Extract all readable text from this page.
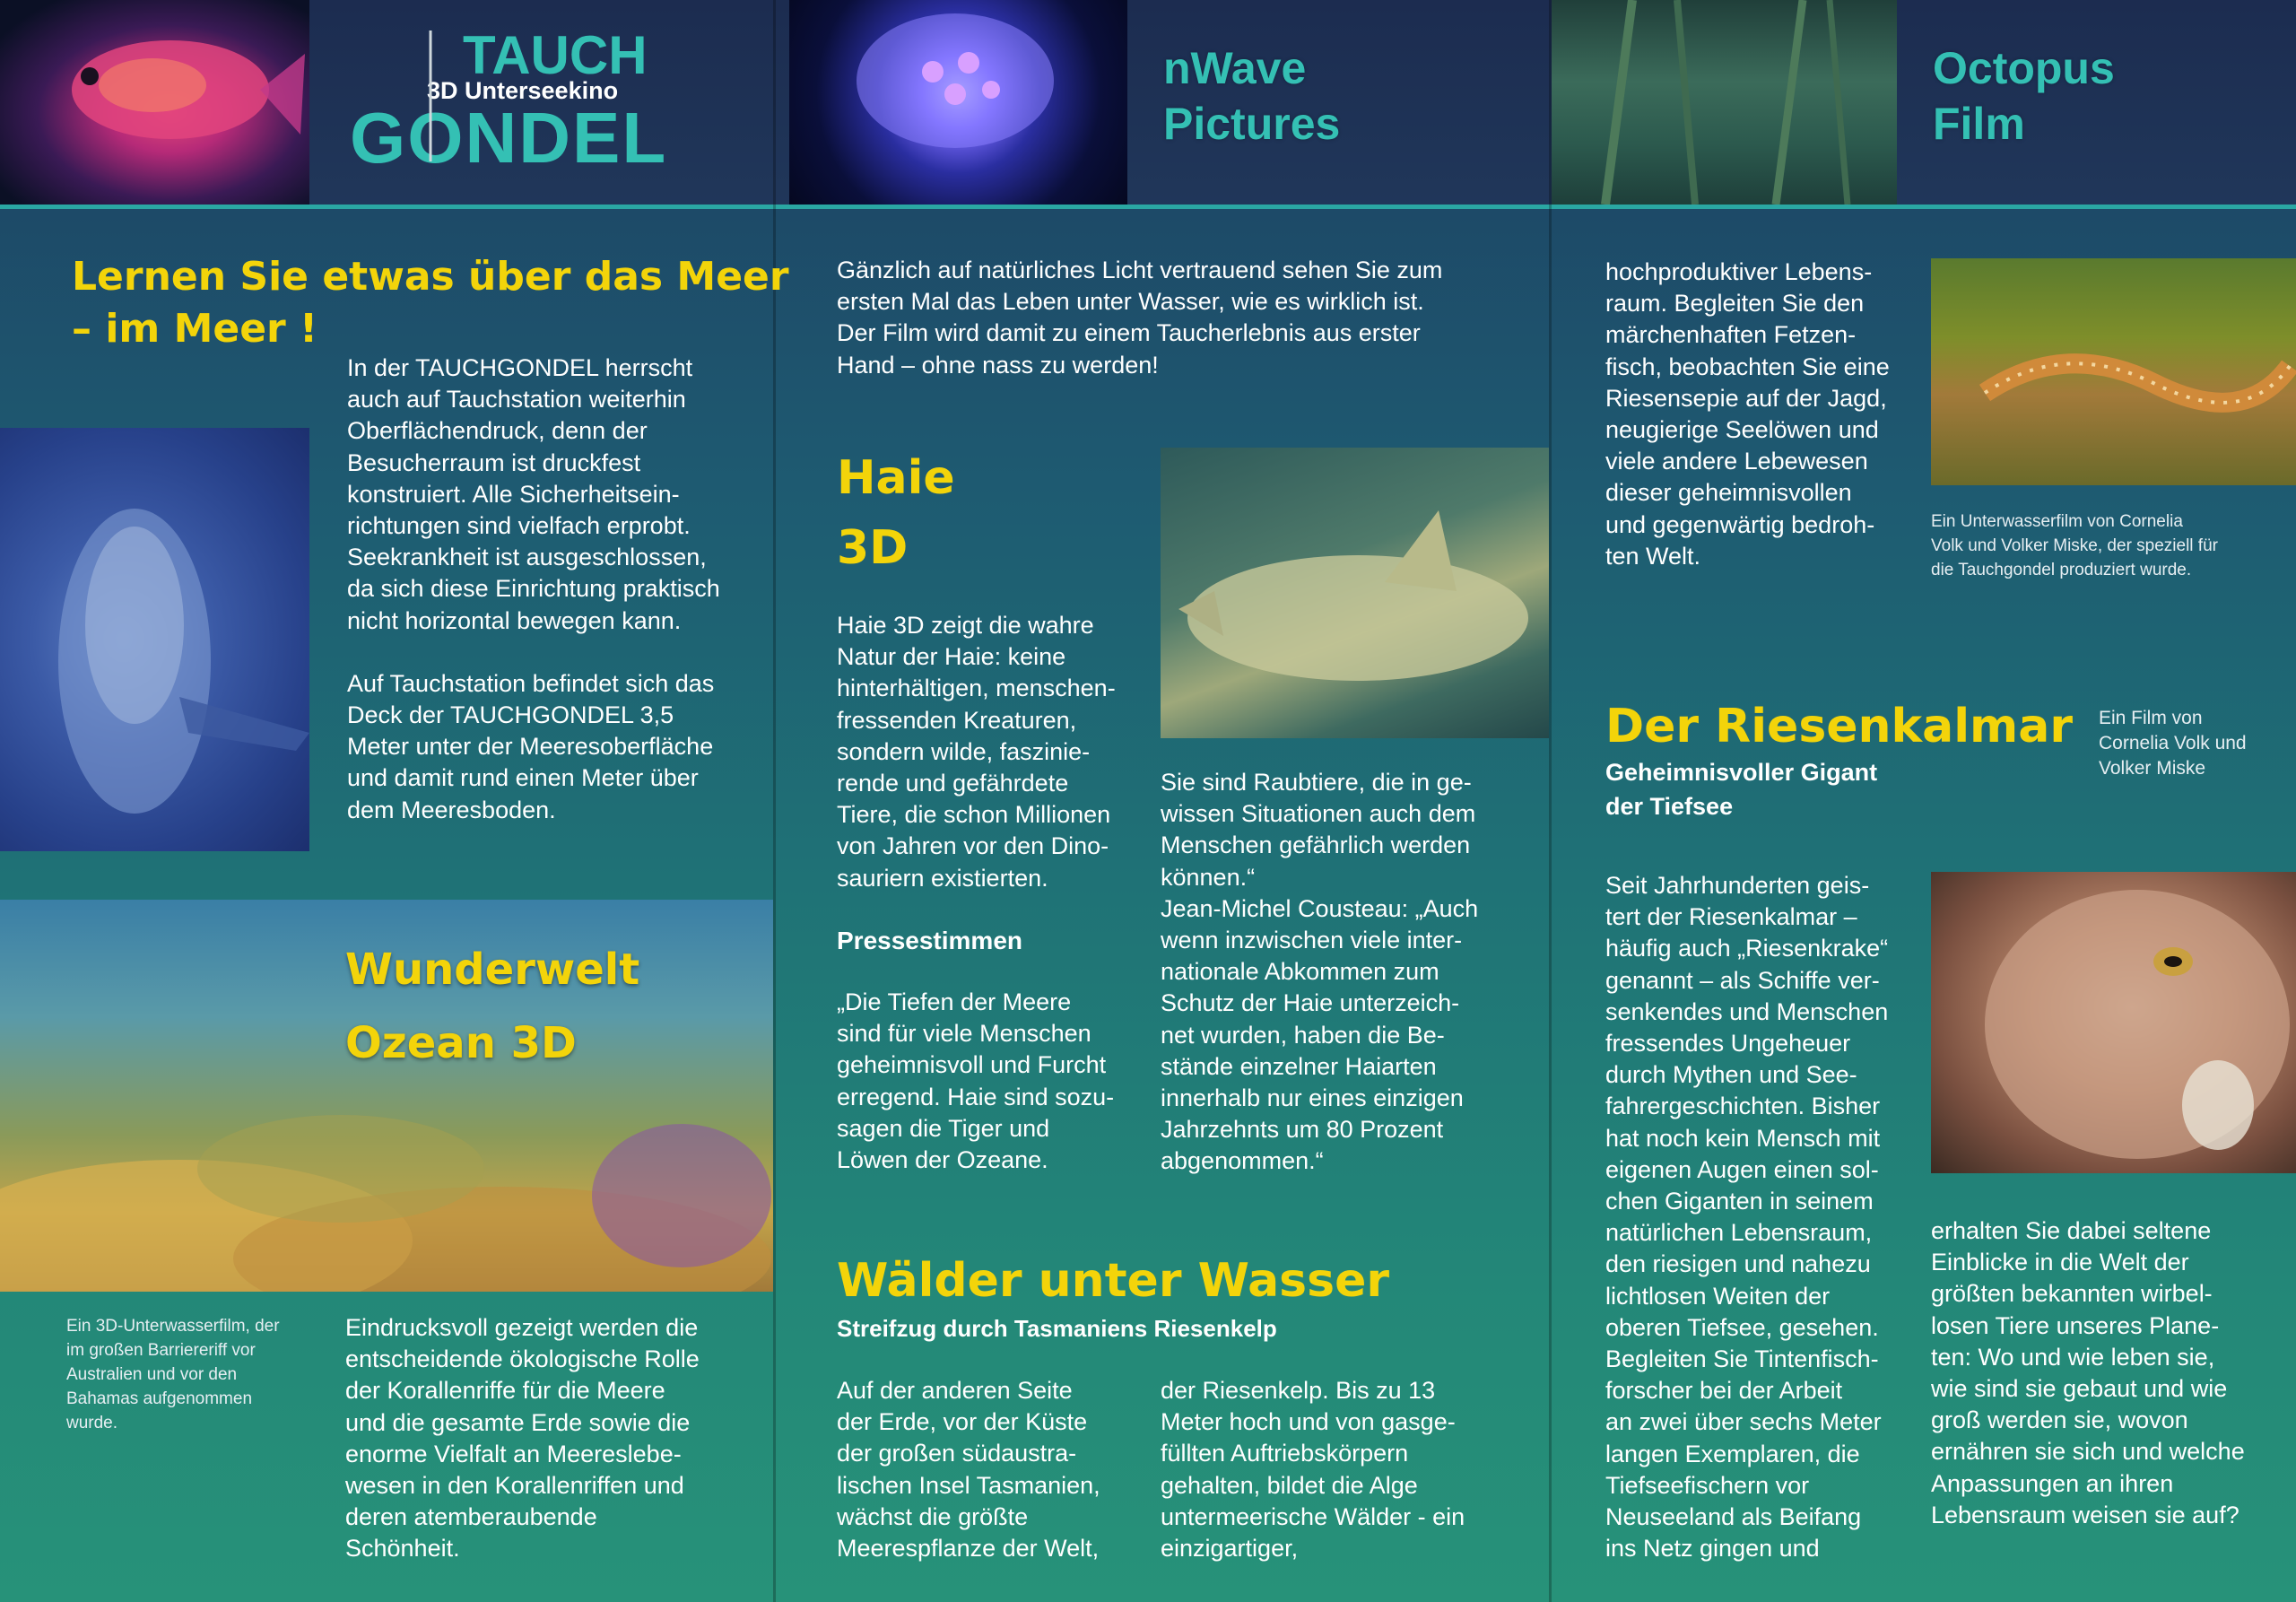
TAUCH
3D Unterseekino
GONDEL
Lernen Sie etwas über das Meer
– im Meer !
In der TAUCHGONDEL herrscht
auch auf Tauchstation weiterhin
Oberflächendruck, denn der
Besucherraum ist druckfest
konstruiert. Alle Sicherheitsein-
richtungen sind vielfach erprobt.
Seekrankheit ist ausgeschlossen,
da sich diese Einrichtung praktisch
nicht horizontal bewegen kann.
Auf Tauchstation befindet sich das
Deck der TAUCHGONDEL 3,5
Meter unter der Meeresoberfläche
und damit rund einen Meter über
dem Meeresboden.
Wunderwelt
Ozean 3D
Ein 3D-Unterwasserfilm, der
im großen Barriereriff vor
Australien und vor den
Bahamas aufgenommen
wurde.
Eindrucksvoll gezeigt werden die
entscheidende ökologische Rolle
der Korallenriffe für die Meere
und die gesamte Erde sowie die
enorme Vielfalt an Meereslebe-
wesen in den Korallenriffen und
deren atemberaubende
Schönheit.
nWave
Pictures
Gänzlich auf natürliches Licht vertrauend sehen Sie zum
ersten Mal das Leben unter Wasser, wie es wirklich ist.
Der Film wird damit zu einem Taucherlebnis aus erster
Hand – ohne nass zu werden!
Haie
3D
Haie 3D zeigt die wahre
Natur der Haie: keine
hinterhältigen, menschen-
fressenden Kreaturen,
sondern wilde, faszinie-
rende und gefährdete
Tiere, die schon Millionen
von Jahren vor den Dino-
sauriern existierten.
Pressestimmen
„Die Tiefen der Meere
sind für viele Menschen
geheimnisvoll und Furcht
erregend. Haie sind sozu-
sagen die Tiger und
Löwen der Ozeane.
Sie sind Raubtiere, die in ge-
wissen Situationen auch dem
Menschen gefährlich werden
können.“
Jean-Michel Cousteau: „Auch
wenn inzwischen viele inter-
nationale Abkommen zum
Schutz der Haie unterzeich-
net wurden, haben die Be-
stände einzelner Haiarten
innerhalb nur eines einzigen
Jahrzehnts um 80 Prozent
abgenommen.“
Wälder unter Wasser
Streifzug durch Tasmaniens Riesenkelp
Auf der anderen Seite
der Erde, vor der Küste
der großen südaustra-
lischen Insel Tasmanien,
wächst die größte
Meerespflanze der Welt,
der Riesenkelp. Bis zu 13
Meter hoch und von gasge-
füllten Auftriebskörpern
gehalten, bildet die Alge
untermeerische Wälder - ein
einzigartiger,
Octopus
Film
hochproduktiver Lebens-
raum. Begleiten Sie den
märchenhaften Fetzen-
fisch, beobachten Sie eine
Riesensepie auf der Jagd,
neugierige Seelöwen und
viele andere Lebewesen
dieser geheimnisvollen
und gegenwärtig bedroh-
ten Welt.
Ein Unterwasserfilm von Cornelia
Volk und Volker Miske, der speziell für
die Tauchgondel produziert wurde.
Der Riesenkalmar
Geheimnisvoller Gigant
der Tiefsee
Ein Film von
Cornelia Volk und
Volker Miske
Seit Jahrhunderten geis-
tert der Riesenkalmar –
häufig auch „Riesenkrake“
genannt – als Schiffe ver-
senkendes und Menschen
fressendes Ungeheuer
durch Mythen und See-
fahrergeschichten. Bisher
hat noch kein Mensch mit
eigenen Augen einen sol-
chen Giganten in seinem
natürlichen Lebensraum,
den riesigen und nahezu
lichtlosen Weiten der
oberen Tiefsee, gesehen.
Begleiten Sie Tintenfisch-
forscher bei der Arbeit
an zwei über sechs Meter
langen Exemplaren, die
Tiefseefischern vor
Neuseeland als Beifang
ins Netz gingen und
erhalten Sie dabei seltene
Einblicke in die Welt der
größten bekannten wirbel-
losen Tiere unseres Plane-
ten: Wo und wie leben sie,
wie sind sie gebaut und wie
groß werden sie, wovon
ernähren sie sich und welche
Anpassungen an ihren
Lebensraum weisen sie auf?
